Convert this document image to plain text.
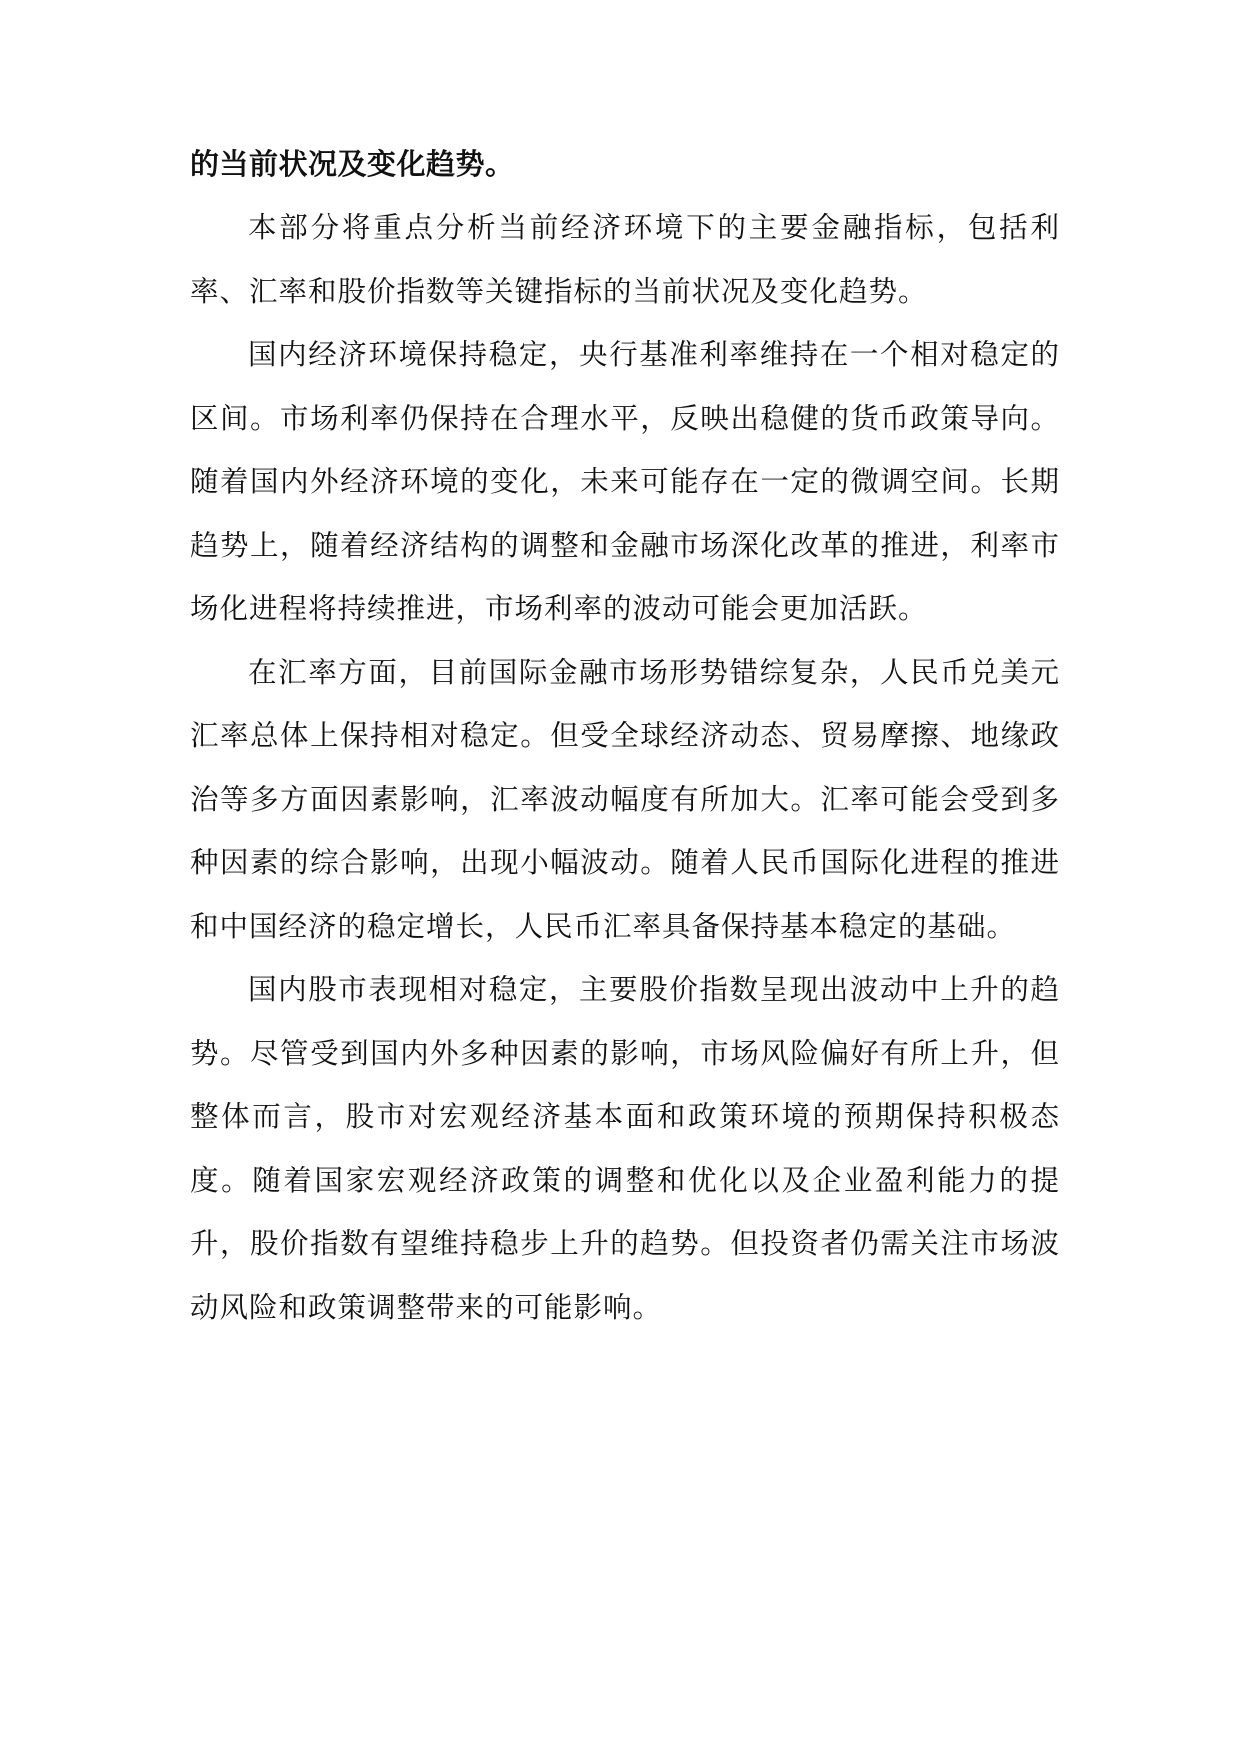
的当前状况及变化趋势。

本部分将重点分析当前经济环境下的主要金融指标，包括利率、汇率和股价指数等关键指标的当前状况及变化趋势。

国内经济环境保持稳定，央行基准利率维持在一个相对稳定的区间。市场利率仍保持在合理水平，反映出稳健的货币政策导向。随着国内外经济环境的变化，未来可能存在一定的微调空间。长期趋势上，随着经济结构的调整和金融市场深化改革的推进，利率市场化进程将持续推进，市场利率的波动可能会更加活跃。

在汇率方面，目前国际金融市场形势错综复杂，人民币兑美元汇率总体上保持相对稳定。但受全球经济动态、贸易摩擦、地缘政治等多方面因素影响，汇率波动幅度有所加大。汇率可能会受到多种因素的综合影响，出现小幅波动。随着人民币国际化进程的推进和中国经济的稳定增长，人民币汇率具备保持基本稳定的基础。

国内股市表现相对稳定，主要股价指数呈现出波动中上升的趋势。尽管受到国内外多种因素的影响，市场风险偏好有所上升，但整体而言，股市对宏观经济基本面和政策环境的预期保持积极态度。随着国家宏观经济政策的调整和优化以及企业盈利能力的提升，股价指数有望维持稳步上升的趋势。但投资者仍需关注市场波动风险和政策调整带来的可能影响。
